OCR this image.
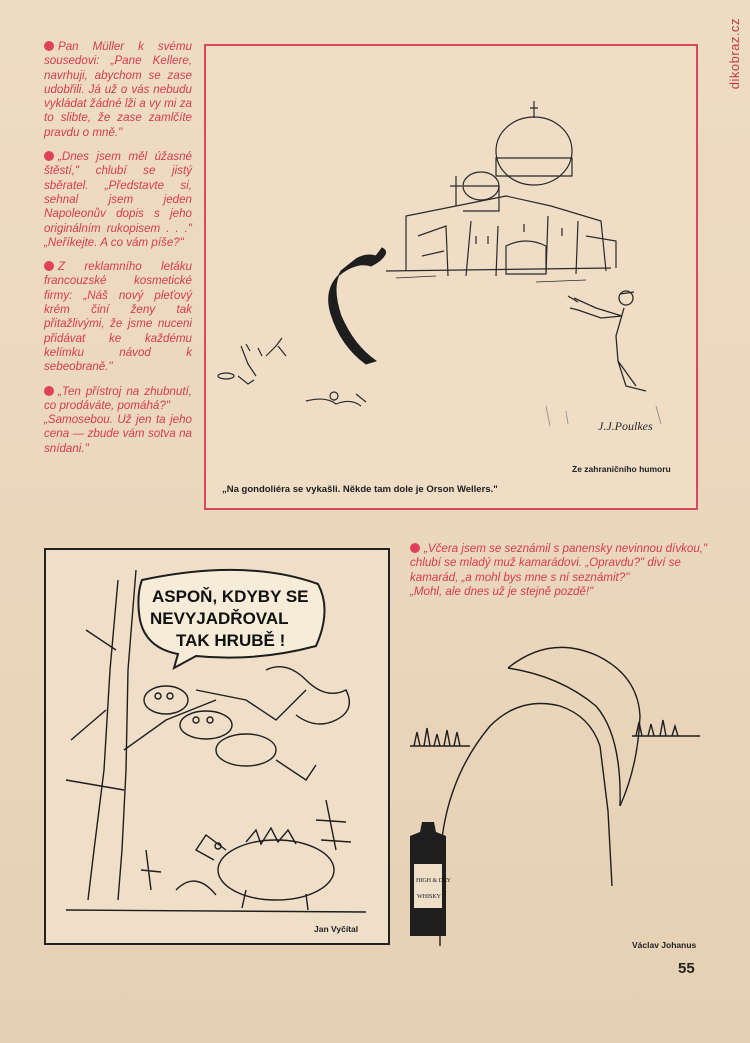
dikobraz.cz

Pan Müller k svému sousedovi: „Pane Kellere, navrhuji, abychom se zase udobřili. Já už o vás nebudu vykládat žádné lži a vy mi za to slibte, že zase zamlčíte pravdu o mně."

„Dnes jsem měl úžasné štěstí," chlubí se jistý sběratel. „Představte si, sehnal jsem jeden Napoleonův dopis s jeho originálním rukopisem . . ." „Neříkejte. A co vám píše?"

Z reklamního letáku francouzské kosmetické firmy: „Náš nový pleťový krém činí ženy tak přitažlivými, že jsme nuceni přidávat ke každému kelímku návod k sebeobraně."

„Ten přístroj na zhubnutí, co prodáváte, pomáhá?"
„Samosebou. Už jen ta jeho cena — zbude vám sotva na snídani."

J.J.Poulkes
Ze zahraničního humoru
„Na gondoliéra se vykašli. Někde tam dole je Orson Wellers."
ASPOŇ, KDYBY SE
NEVYJADŘOVAL
TAK HRUBĚ !
Jan Vyčítal

„Včera jsem se seznámil s panensky nevinnou dívkou," chlubí se mladý muž kamarádovi. „Opravdu?" diví se kamarád, „a mohl bys mne s ní seznámit?"

„Mohl, ale dnes už je stejně pozdě!"

HIGH & DRY
WHISKY
Václav Johanus
55
